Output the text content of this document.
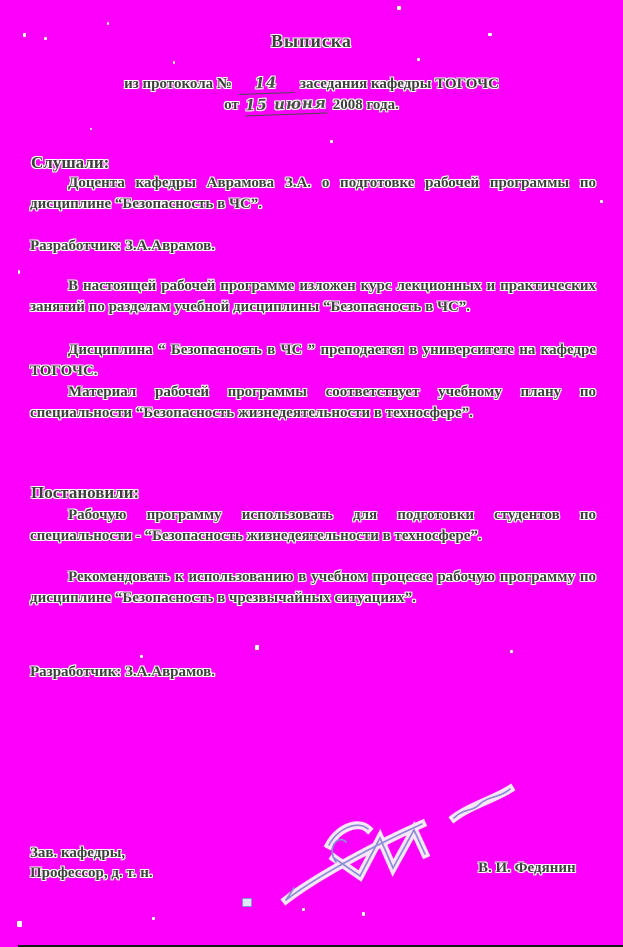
Выписка
из протокола № 14 заседания кафедры ТОГОЧС
от 15 июня 2008 года.
Слушали:
Доцента кафедры Аврамова З.А. о подготовке рабочей программы по дисциплине “Безопасность в ЧС”.
Разработчик: З.А.Аврамов.
В настоящей рабочей программе изложен курс лекционных и практических занятий по разделам учебной дисциплины “Безопасность в ЧС”.
Дисциплина “ Безопасность в ЧС ” преподается в университете на кафедре ТОГОЧС.
Материал рабочей программы соответствует учебному плану по специальности “Безопасность жизнедеятельности в техносфере”.
Постановили:
Рабочую программу использовать для подготовки студентов по специальности - “Безопасность жизнедеятельности в техносфере”.
Рекомендовать к использованию в учебном процессе рабочую программу по дисциплине “Безопасность в чрезвычайных ситуациях”.
Разработчик: З.А.Аврамов.
Зав. кафедры,
Профессор, д. т. н.	В. И. Федянин
